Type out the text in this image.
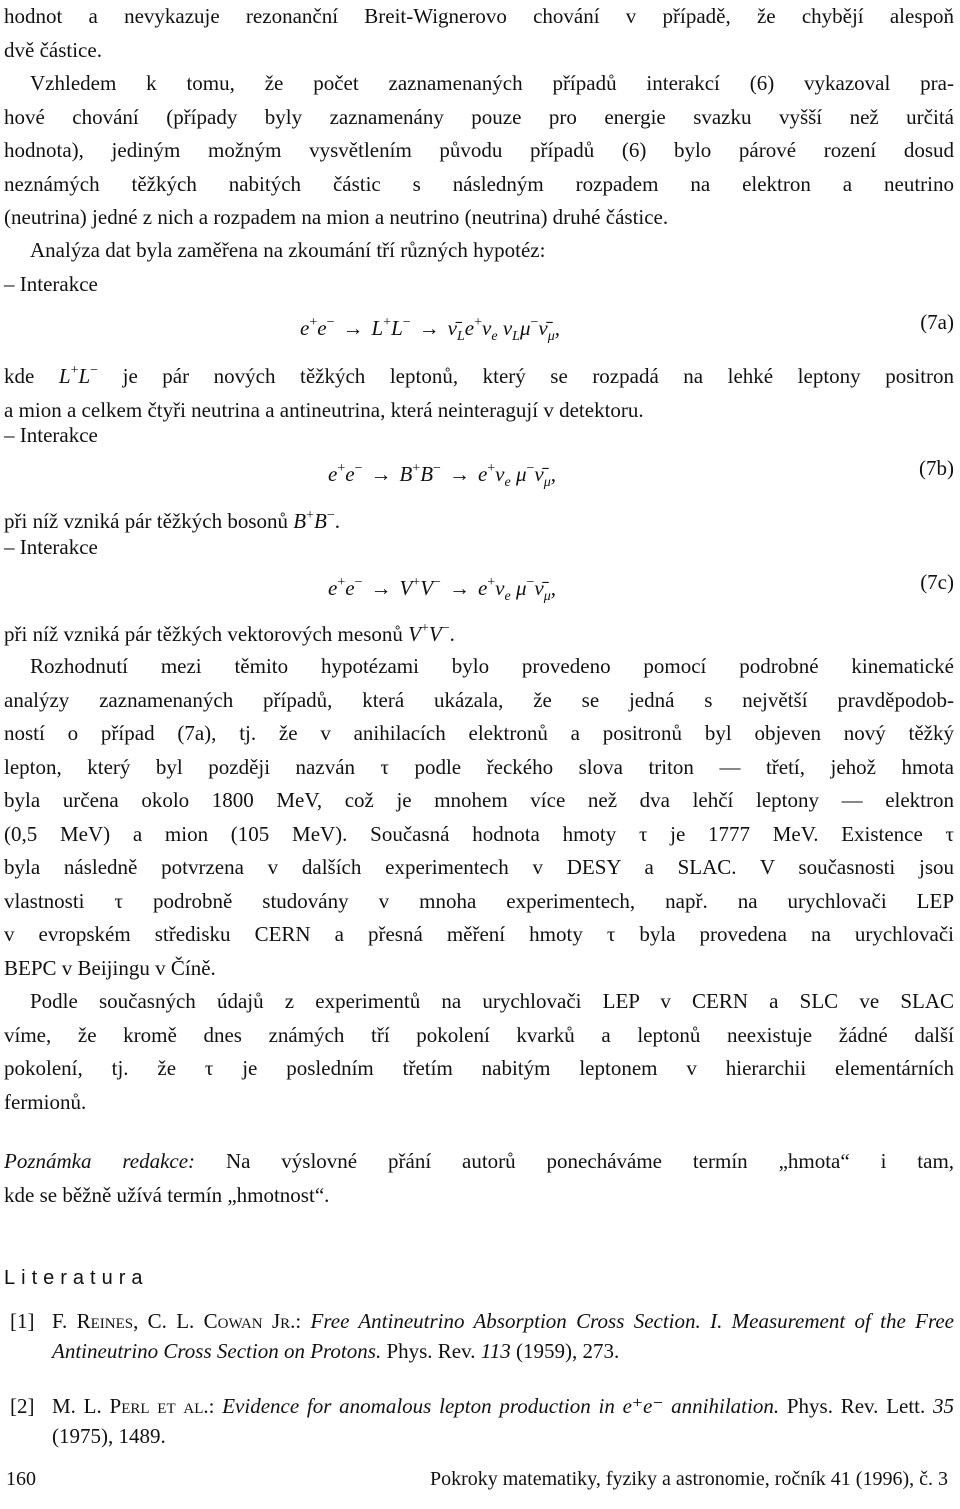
hodnot a nevykazuje rezonanční Breit-Wignerovo chování v případě, že chybějí alespoň
dvě částice.
Vzhledem k tomu, že počet zaznamenaných případů interakcí (6) vykazoval pra-
hové chování (případy byly zaznamenány pouze pro energie svazku vyšší než určitá
hodnota), jediným možným vysvětlením původu případů (6) bylo párové rození dosud
neznámých těžkých nabitých částic s následným rozpadem na elektron a neutrino
(neutrina) jedné z nich a rozpadem na mion a neutrino (neutrina) druhé částice.
Analýza dat byla zaměřena na zkoumání tří různých hypotéz:
– Interakce
$e^+e^- \to L^+L^- \to \nū_Le^+\nu_e$ $\nu_L\mu^-\nū_\mu$,	(7a)
kde L+L− je pár nových těžkých leptonů, který se rozpadá na lehké leptony positron
a mion a celkem čtyři neutrina a antineutrina, která neinteragují v detektoru.
– Interakce
$e^+e^- \to B^+B^- \to e^+\nu_e$ $\mu^-\nū_\mu$,	(7b)
při níž vzniká pár těžkých bosonů B+B−.
– Interakce
$e^+e^- \to V^+V^- \to e^+\nu_e$ $\mu^-\nū_\mu$,	(7c)
při níž vzniká pár těžkých vektorových mesonů V+V−.
Rozhodnutí mezi těmito hypotézami bylo provedeno pomocí podrobné kinematické
analýzy zaznamenaných případů, která ukázala, že se jedná s největší pravděpodob-
ností o případ (7a), tj. že v anihilacích elektronů a positronů byl objeven nový těžký
lepton, který byl později nazván τ podle řeckého slova triton — třetí, jehož hmota
byla určena okolo 1800 MeV, což je mnohem více než dva lehčí leptony — elektron
(0,5 MeV) a mion (105 MeV). Současná hodnota hmoty τ je 1777 MeV. Existence τ
byla následně potvrzena v dalších experimentech v DESY a SLAC. V současnosti jsou
vlastnosti τ podrobně studovány v mnoha experimentech, např. na urychlovači LEP
v evropském středisku CERN a přesná měření hmoty τ byla provedena na urychlovači
BEPC v Beijingu v Číně.
Podle současných údajů z experimentů na urychlovači LEP v CERN a SLC ve SLAC
víme, že kromě dnes známých tří pokolení kvarků a leptonů neexistuje žádné další
pokolení, tj. že τ je posledním třetím nabitým leptonem v hierarchii elementárních
fermionů.
Poznámka redakce: Na výslovné přání autorů ponecháváme termín „hmota“ i tam,
kde se běžně užívá termín „hmotnost“.
Literatura
[1] F. Reines, C. L. Cowan Jr.: Free Antineutrino Absorption Cross Section. I. Measurement of the Free Antineutrino Cross Section on Protons. Phys. Rev. 113 (1959), 273.
[2] M. L. Perl et al.: Evidence for anomalous lepton production in e⁺e⁻ annihilation. Phys. Rev. Lett. 35 (1975), 1489.
160	Pokroky matematiky, fyziky a astronomie, ročník 41 (1996), č. 3
